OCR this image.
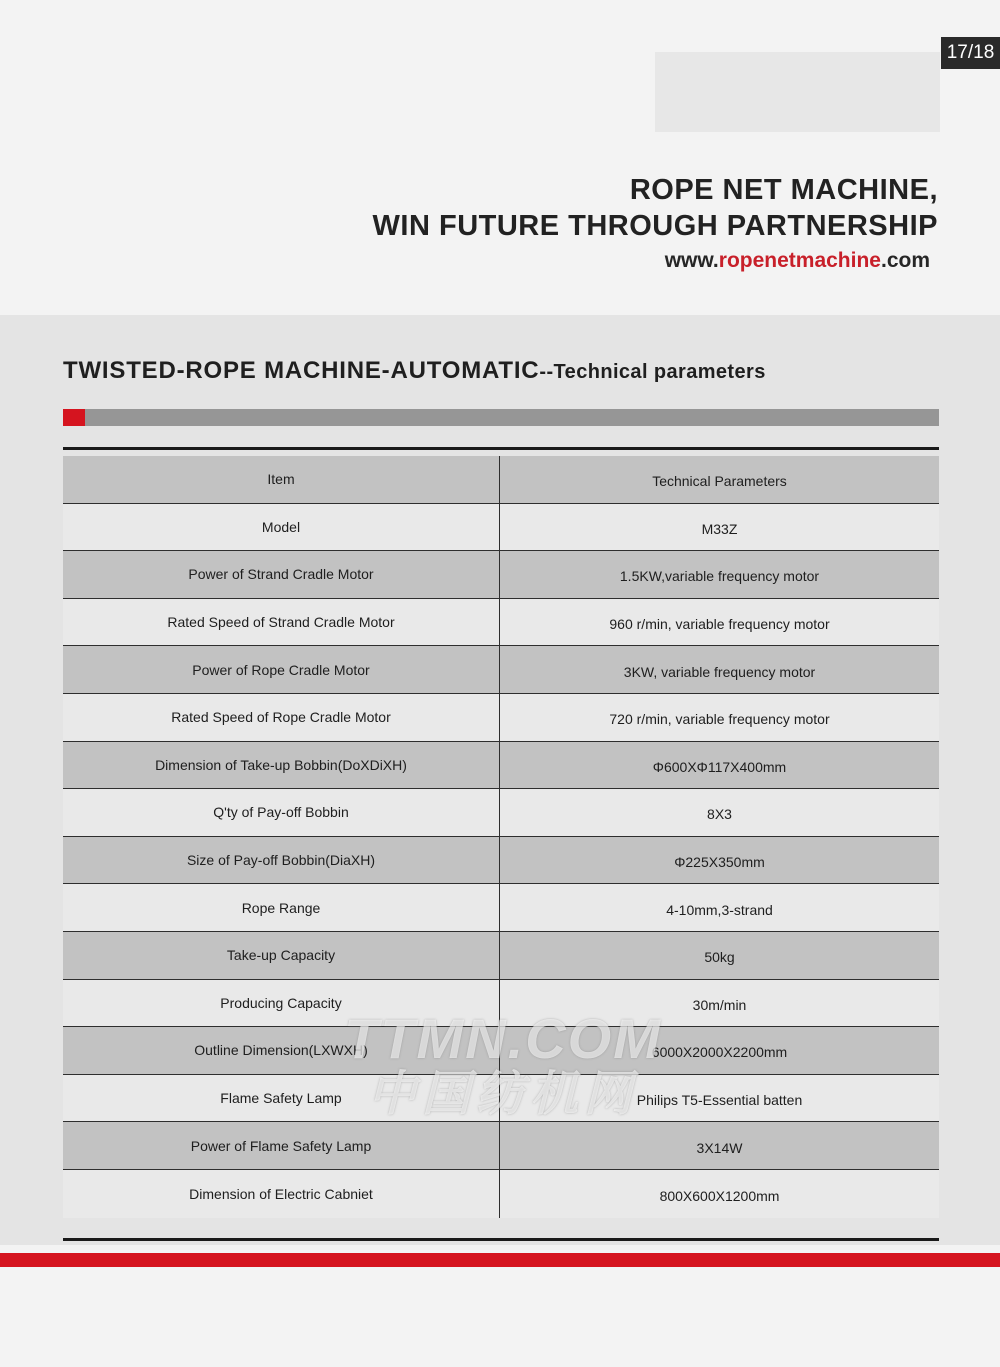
17/18
ROPE NET MACHINE,
WIN FUTURE THROUGH PARTNERSHIP
www.ropenetmachine.com
TWISTED-ROPE MACHINE-AUTOMATIC--Technical parameters
Item	Technical Parameters
Model	M33Z
Power of Strand Cradle Motor	1.5KW,variable frequency motor
Rated Speed of Strand Cradle Motor	960 r/min, variable frequency motor
Power of Rope Cradle Motor	3KW, variable frequency motor
Rated Speed of Rope Cradle Motor	720 r/min, variable frequency motor
Dimension of Take-up Bobbin(DoXDiXH)	Φ600XΦ117X400mm
Q'ty of Pay-off Bobbin	8X3
Size of Pay-off Bobbin(DiaXH)	Φ225X350mm
Rope Range	4-10mm,3-strand
Take-up Capacity	50kg
Producing Capacity	30m/min
Outline Dimension(LXWXH)	6000X2000X2200mm
Flame Safety Lamp	Philips T5-Essential batten
Power of Flame Safety Lamp	3X14W
Dimension of Electric Cabniet	800X600X1200mm
TTMN.COM
中国纺机网
